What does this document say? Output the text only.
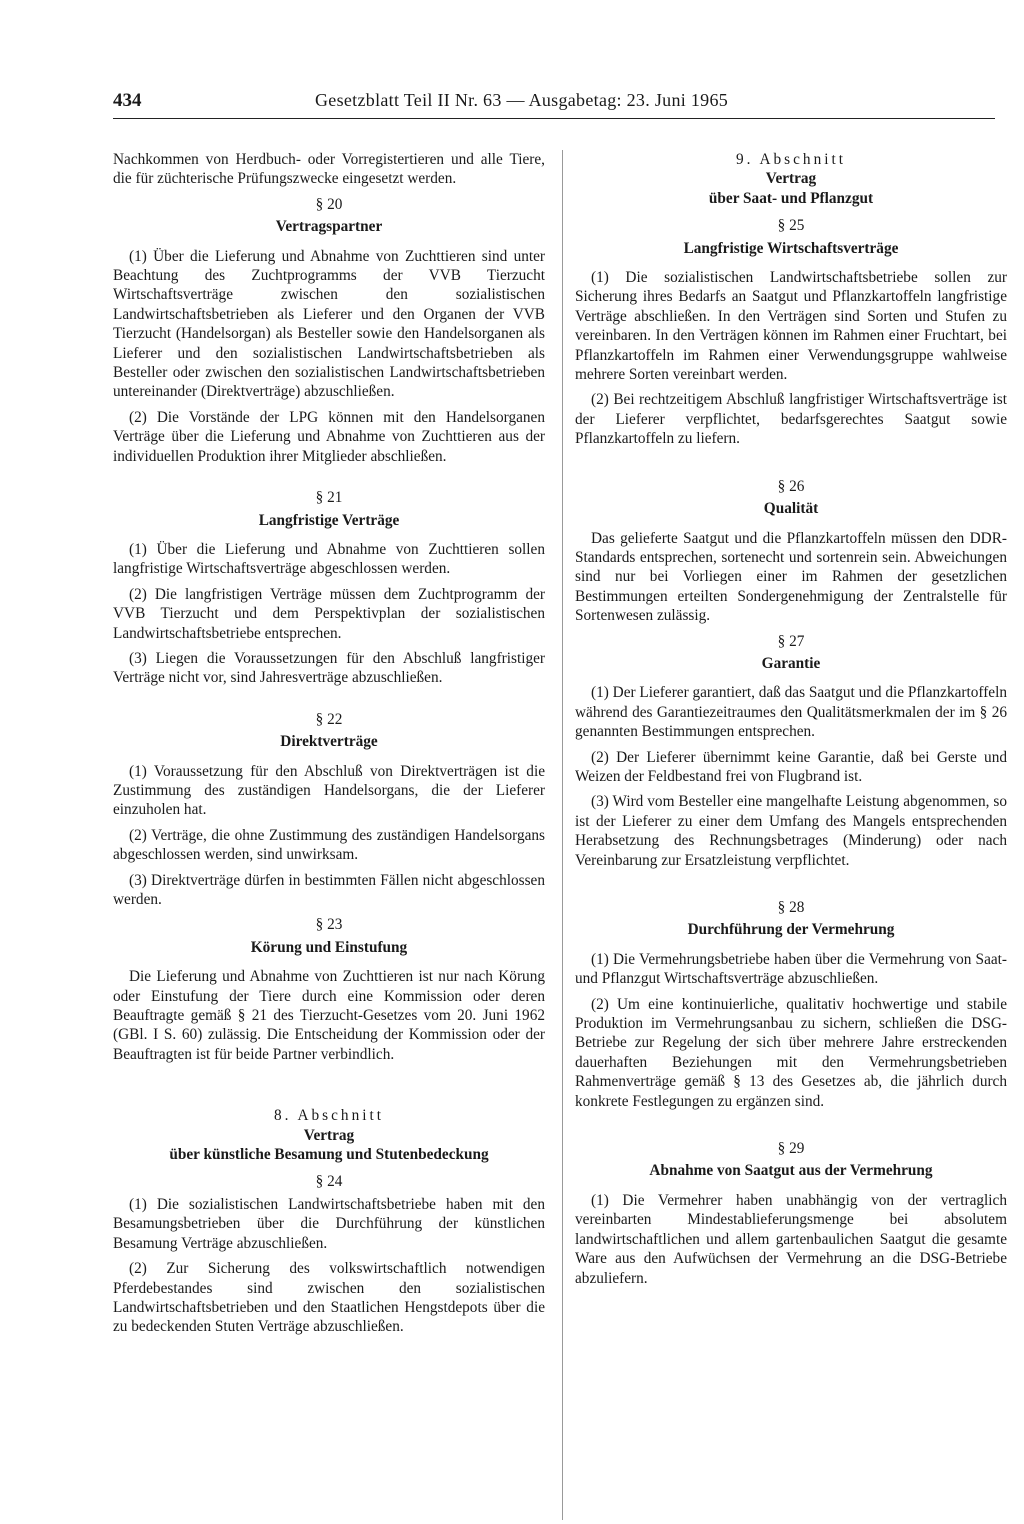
434	Gesetzblatt Teil II Nr. 63 — Ausgabetag: 23. Juni 1965

Nachkommen von Herdbuch- oder Vorregistertieren und alle Tiere, die für züchterische Prüfungszwecke eingesetzt werden.

§ 20
Vertragspartner

(1) Über die Lieferung und Abnahme von Zuchttieren sind unter Beachtung des Zuchtprogramms der VVB Tierzucht Wirtschaftsverträge zwischen den sozialistischen Landwirtschaftsbetrieben als Lieferer und den Organen der VVB Tierzucht (Handelsorgan) als Besteller sowie den Handelsorganen als Lieferer und den sozialistischen Landwirtschaftsbetrieben als Besteller oder zwischen den sozialistischen Landwirtschaftsbetrieben untereinander (Direktverträge) abzuschließen.

(2) Die Vorstände der LPG können mit den Handelsorganen Verträge über die Lieferung und Abnahme von Zuchttieren aus der individuellen Produktion ihrer Mitglieder abschließen.

§ 21
Langfristige Verträge

(1) Über die Lieferung und Abnahme von Zuchttieren sollen langfristige Wirtschaftsverträge abgeschlossen werden.

(2) Die langfristigen Verträge müssen dem Zuchtprogramm der VVB Tierzucht und dem Perspektivplan der sozialistischen Landwirtschaftsbetriebe entsprechen.

(3) Liegen die Voraussetzungen für den Abschluß langfristiger Verträge nicht vor, sind Jahresverträge abzuschließen.

§ 22
Direktverträge

(1) Voraussetzung für den Abschluß von Direktverträgen ist die Zustimmung des zuständigen Handelsorgans, die der Lieferer einzuholen hat.

(2) Verträge, die ohne Zustimmung des zuständigen Handelsorgans abgeschlossen werden, sind unwirksam.

(3) Direktverträge dürfen in bestimmten Fällen nicht abgeschlossen werden.

§ 23
Körung und Einstufung

Die Lieferung und Abnahme von Zuchttieren ist nur nach Körung oder Einstufung der Tiere durch eine Kommission oder deren Beauftragte gemäß § 21 des Tierzucht-Gesetzes vom 20. Juni 1962 (GBl. I S. 60) zulässig. Die Entscheidung der Kommission oder der Beauftragten ist für beide Partner verbindlich.

8. Abschnitt
Vertrag
über künstliche Besamung und Stutenbedeckung
§ 24

(1) Die sozialistischen Landwirtschaftsbetriebe haben mit den Besamungsbetrieben über die Durchführung der künstlichen Besamung Verträge abzuschließen.

(2) Zur Sicherung des volkswirtschaftlich notwendigen Pferdebestandes sind zwischen den sozialistischen Landwirtschaftsbetrieben und den Staatlichen Hengstdepots über die zu bedeckenden Stuten Verträge abzuschließen.

9. Abschnitt
Vertrag
über Saat- und Pflanzgut
§ 25
Langfristige Wirtschaftsverträge

(1) Die sozialistischen Landwirtschaftsbetriebe sollen zur Sicherung ihres Bedarfs an Saatgut und Pflanzkartoffeln langfristige Verträge abschließen. In den Verträgen sind Sorten und Stufen zu vereinbaren. In den Verträgen können im Rahmen einer Fruchtart, bei Pflanzkartoffeln im Rahmen einer Verwendungsgruppe wahlweise mehrere Sorten vereinbart werden.

(2) Bei rechtzeitigem Abschluß langfristiger Wirtschaftsverträge ist der Lieferer verpflichtet, bedarfsgerechtes Saatgut sowie Pflanzkartoffeln zu liefern.

§ 26
Qualität

Das gelieferte Saatgut und die Pflanzkartoffeln müssen den DDR-Standards entsprechen, sortenecht und sortenrein sein. Abweichungen sind nur bei Vorliegen einer im Rahmen der gesetzlichen Bestimmungen erteilten Sondergenehmigung der Zentralstelle für Sortenwesen zulässig.

§ 27
Garantie

(1) Der Lieferer garantiert, daß das Saatgut und die Pflanzkartoffeln während des Garantiezeitraumes den Qualitätsmerkmalen der im § 26 genannten Bestimmungen entsprechen.

(2) Der Lieferer übernimmt keine Garantie, daß bei Gerste und Weizen der Feldbestand frei von Flugbrand ist.

(3) Wird vom Besteller eine mangelhafte Leistung abgenommen, so ist der Lieferer zu einer dem Umfang des Mangels entsprechenden Herabsetzung des Rechnungsbetrages (Minderung) oder nach Vereinbarung zur Ersatzleistung verpflichtet.

§ 28
Durchführung der Vermehrung

(1) Die Vermehrungsbetriebe haben über die Vermehrung von Saat- und Pflanzgut Wirtschaftsverträge abzuschließen.

(2) Um eine kontinuierliche, qualitativ hochwertige und stabile Produktion im Vermehrungsanbau zu sichern, schließen die DSG-Betriebe zur Regelung der sich über mehrere Jahre erstreckenden dauerhaften Beziehungen mit den Vermehrungsbetrieben Rahmenverträge gemäß § 13 des Gesetzes ab, die jährlich durch konkrete Festlegungen zu ergänzen sind.

§ 29
Abnahme von Saatgut aus der Vermehrung

(1) Die Vermehrer haben unabhängig von der vertraglich vereinbarten Mindestablieferungsmenge bei absolutem landwirtschaftlichen und allem gartenbaulichen Saatgut die gesamte Ware aus den Aufwüchsen der Vermehrung an die DSG-Betriebe abzuliefern.
